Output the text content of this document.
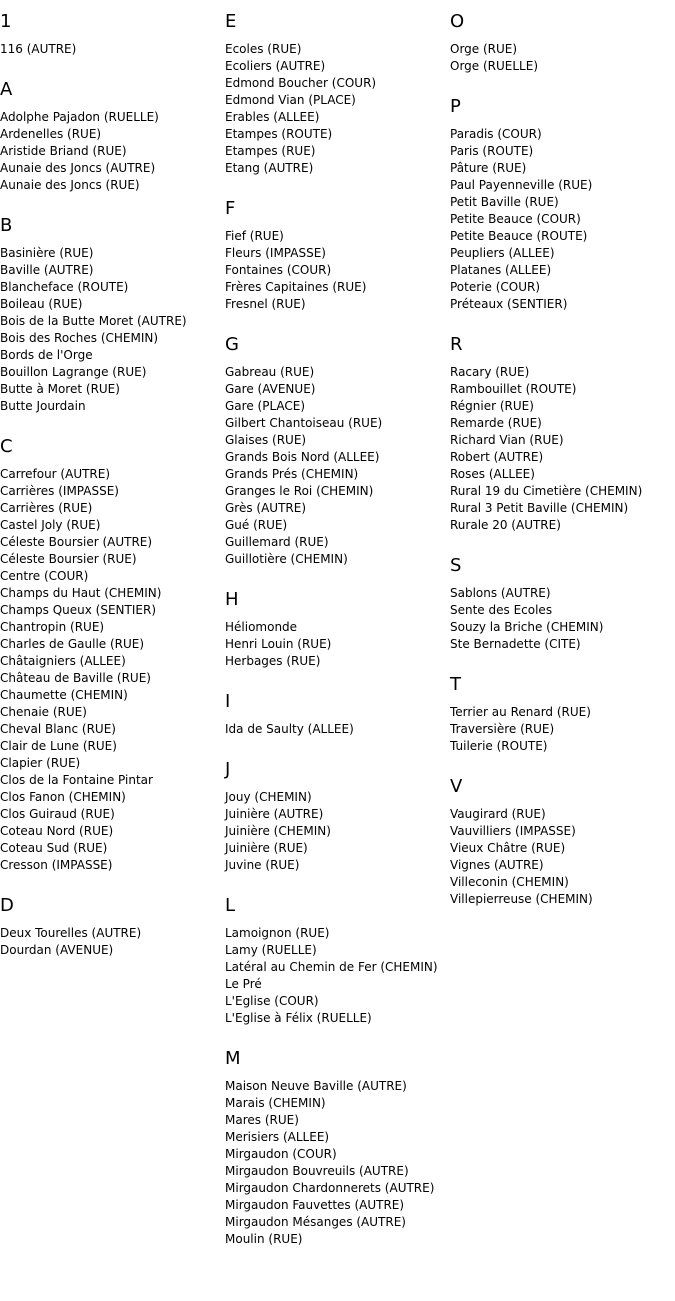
1
116 (AUTRE)
A
Adolphe Pajadon (RUELLE)
Ardenelles (RUE)
Aristide Briand (RUE)
Aunaie des Joncs (AUTRE)
Aunaie des Joncs (RUE)
B
Basinière (RUE)
Baville (AUTRE)
Blancheface (ROUTE)
Boileau (RUE)
Bois de la Butte Moret (AUTRE)
Bois des Roches (CHEMIN)
Bords de l'Orge
Bouillon Lagrange (RUE)
Butte à Moret (RUE)
Butte Jourdain
C
Carrefour (AUTRE)
Carrières (IMPASSE)
Carrières (RUE)
Castel Joly (RUE)
Céleste Boursier (AUTRE)
Céleste Boursier (RUE)
Centre (COUR)
Champs du Haut (CHEMIN)
Champs Queux (SENTIER)
Chantropin (RUE)
Charles de Gaulle (RUE)
Châtaigniers (ALLEE)
Château de Baville (RUE)
Chaumette (CHEMIN)
Chenaie (RUE)
Cheval Blanc (RUE)
Clair de Lune (RUE)
Clapier (RUE)
Clos de la Fontaine Pintar
Clos Fanon (CHEMIN)
Clos Guiraud (RUE)
Coteau Nord (RUE)
Coteau Sud (RUE)
Cresson (IMPASSE)
D
Deux Tourelles (AUTRE)
Dourdan (AVENUE)
E
Ecoles (RUE)
Ecoliers (AUTRE)
Edmond Boucher (COUR)
Edmond Vian (PLACE)
Erables (ALLEE)
Etampes (ROUTE)
Etampes (RUE)
Etang (AUTRE)
F
Fief (RUE)
Fleurs (IMPASSE)
Fontaines (COUR)
Frères Capitaines (RUE)
Fresnel (RUE)
G
Gabreau (RUE)
Gare (AVENUE)
Gare (PLACE)
Gilbert Chantoiseau (RUE)
Glaises (RUE)
Grands Bois Nord (ALLEE)
Grands Prés (CHEMIN)
Granges le Roi (CHEMIN)
Grès (AUTRE)
Gué (RUE)
Guillemard (RUE)
Guillotière (CHEMIN)
H
Héliomonde
Henri Louin (RUE)
Herbages (RUE)
I
Ida de Saulty (ALLEE)
J
Jouy (CHEMIN)
Juinière (AUTRE)
Juinière (CHEMIN)
Juinière (RUE)
Juvine (RUE)
L
Lamoignon (RUE)
Lamy (RUELLE)
Latéral au Chemin de Fer (CHEMIN)
Le Pré
L'Eglise (COUR)
L'Eglise à Félix (RUELLE)
M
Maison Neuve Baville (AUTRE)
Marais (CHEMIN)
Mares (RUE)
Merisiers (ALLEE)
Mirgaudon (COUR)
Mirgaudon Bouvreuils (AUTRE)
Mirgaudon Chardonnerets (AUTRE)
Mirgaudon Fauvettes (AUTRE)
Mirgaudon Mésanges (AUTRE)
Moulin (RUE)
O
Orge (RUE)
Orge (RUELLE)
P
Paradis (COUR)
Paris (ROUTE)
Pâture (RUE)
Paul Payenneville (RUE)
Petit Baville (RUE)
Petite Beauce (COUR)
Petite Beauce (ROUTE)
Peupliers (ALLEE)
Platanes (ALLEE)
Poterie (COUR)
Préteaux (SENTIER)
R
Racary (RUE)
Rambouillet (ROUTE)
Régnier (RUE)
Remarde (RUE)
Richard Vian (RUE)
Robert (AUTRE)
Roses (ALLEE)
Rural 19 du Cimetière (CHEMIN)
Rural 3 Petit Baville (CHEMIN)
Rurale 20 (AUTRE)
S
Sablons (AUTRE)
Sente des Ecoles
Souzy la Briche (CHEMIN)
Ste Bernadette (CITE)
T
Terrier au Renard (RUE)
Traversière (RUE)
Tuilerie (ROUTE)
V
Vaugirard (RUE)
Vauvilliers (IMPASSE)
Vieux Châtre (RUE)
Vignes (AUTRE)
Villeconin (CHEMIN)
Villepierreuse (CHEMIN)
